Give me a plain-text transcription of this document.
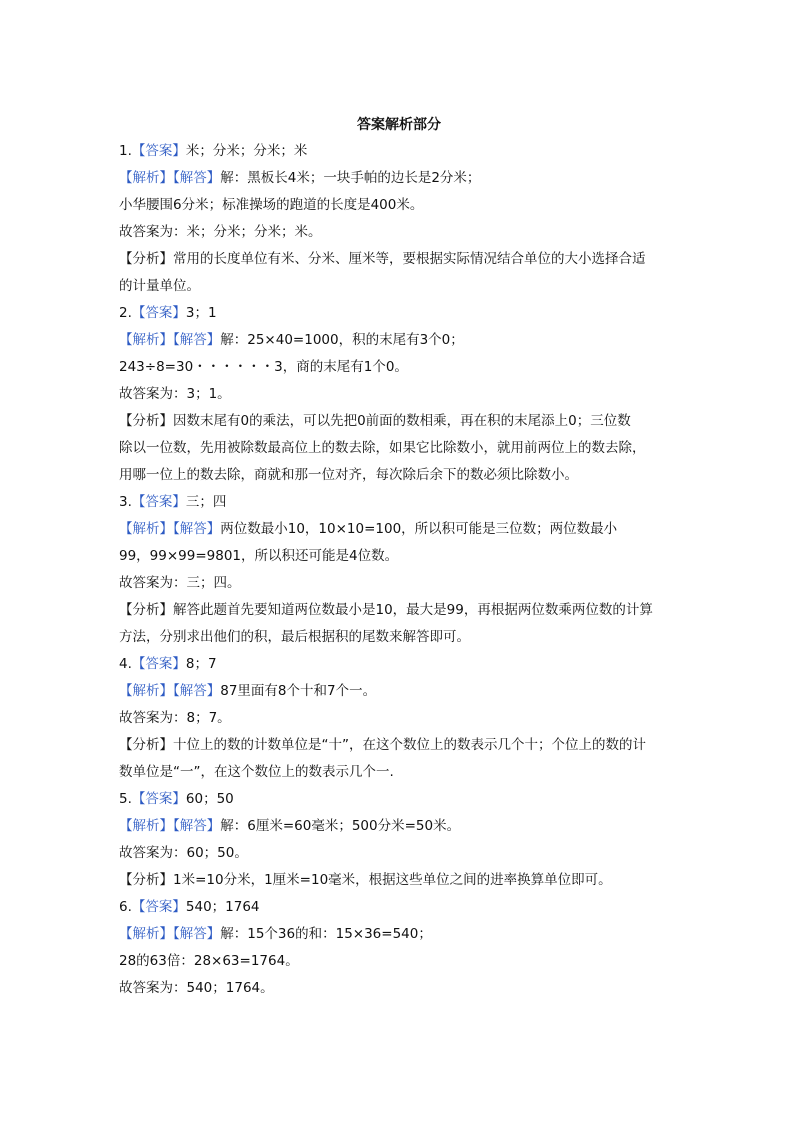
答案解析部分
1.【答案】米；分米；分米；米
【解析】【解答】解：黑板长4米；一块手帕的边长是2分米；
小华腰围6分米；标准操场的跑道的长度是400米。
故答案为：米；分米；分米；米。
【分析】常用的长度单位有米、分米、厘米等，要根据实际情况结合单位的大小选择合适
的计量单位。
2.【答案】3；1
【解析】【解答】解：25×40=1000，积的末尾有3个0；
243÷8=30・・・・・・3，商的末尾有1个0。
故答案为：3；1。
【分析】因数末尾有0的乘法，可以先把0前面的数相乘，再在积的末尾添上0；三位数
除以一位数，先用被除数最高位上的数去除，如果它比除数小，就用前两位上的数去除，
用哪一位上的数去除，商就和那一位对齐，每次除后余下的数必须比除数小。
3.【答案】三；四
【解析】【解答】两位数最小10，10×10=100，所以积可能是三位数；两位数最小
99，99×99=9801，所以积还可能是4位数。
故答案为：三；四。
【分析】解答此题首先要知道两位数最小是10，最大是99，再根据两位数乘两位数的计算
方法，分别求出他们的积，最后根据积的尾数来解答即可。
4.【答案】8；7
【解析】【解答】87里面有8个十和7个一。
故答案为：8；7。
【分析】十位上的数的计数单位是“十”，在这个数位上的数表示几个十；个位上的数的计
数单位是“一”，在这个数位上的数表示几个一.
5.【答案】60；50
【解析】【解答】解：6厘米=60毫米；500分米=50米。
故答案为：60；50。
【分析】1米=10分米，1厘米=10毫米，根据这些单位之间的进率换算单位即可。
6.【答案】540；1764
【解析】【解答】解：15个36的和：15×36=540；
28的63倍：28×63=1764。
故答案为：540；1764。
